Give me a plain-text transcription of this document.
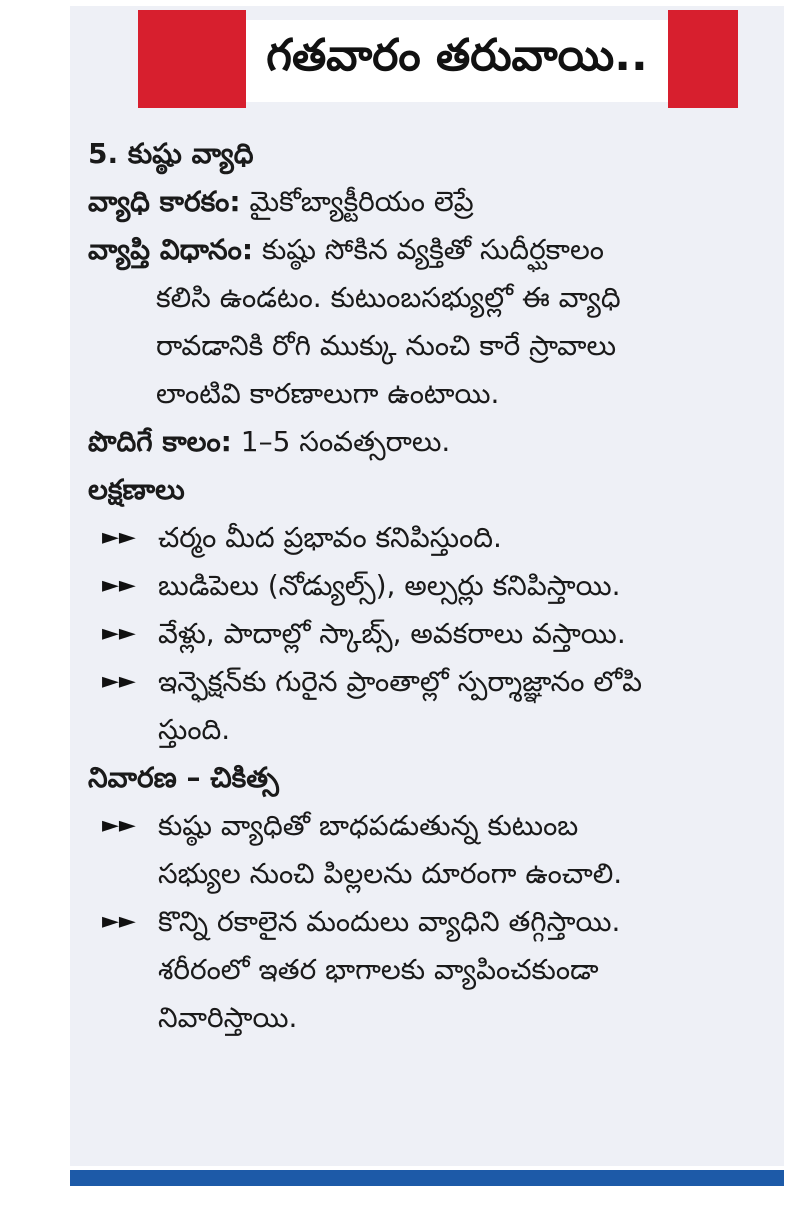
గతవారం తరువాయి..
5. కుష్ఠు వ్యాధి
వ్యాధి కారకం: మైకోబ్యాక్టీరియం లెప్రే
వ్యాప్తి విధానం: కుష్ఠు సోకిన వ్యక్తితో సుదీర్ఘకాలం
కలిసి ఉండటం. కుటుంబసభ్యుల్లో ఈ వ్యాధి
రావడానికి రోగి ముక్కు నుంచి కారే స్రావాలు
లాంటివి కారణాలుగా ఉంటాయి.
పొదిగే కాలం: 1–5 సంవత్సరాలు.
లక్షణాలు
►► చర్మం మీద ప్రభావం కనిపిస్తుంది.
►► బుడిపెలు (నోడ్యుల్స్), అల్సర్లు కనిపిస్తాయి.
►► వేళ్లు, పాదాల్లో స్కాబ్స్, అవకరాలు వస్తాయి.
►► ఇన్ఫెక్షన్‌కు గురైన ప్రాంతాల్లో స్పర్శాజ్ఞానం లోపి
స్తుంది.
నివారణ – చికిత్స
►► కుష్ఠు వ్యాధితో బాధపడుతున్న కుటుంబ
సభ్యుల నుంచి పిల్లలను దూరంగా ఉంచాలి.
►► కొన్ని రకాలైన మందులు వ్యాధిని తగ్గిస్తాయి.
శరీరంలో ఇతర భాగాలకు వ్యాపించకుండా
నివారిస్తాయి.
